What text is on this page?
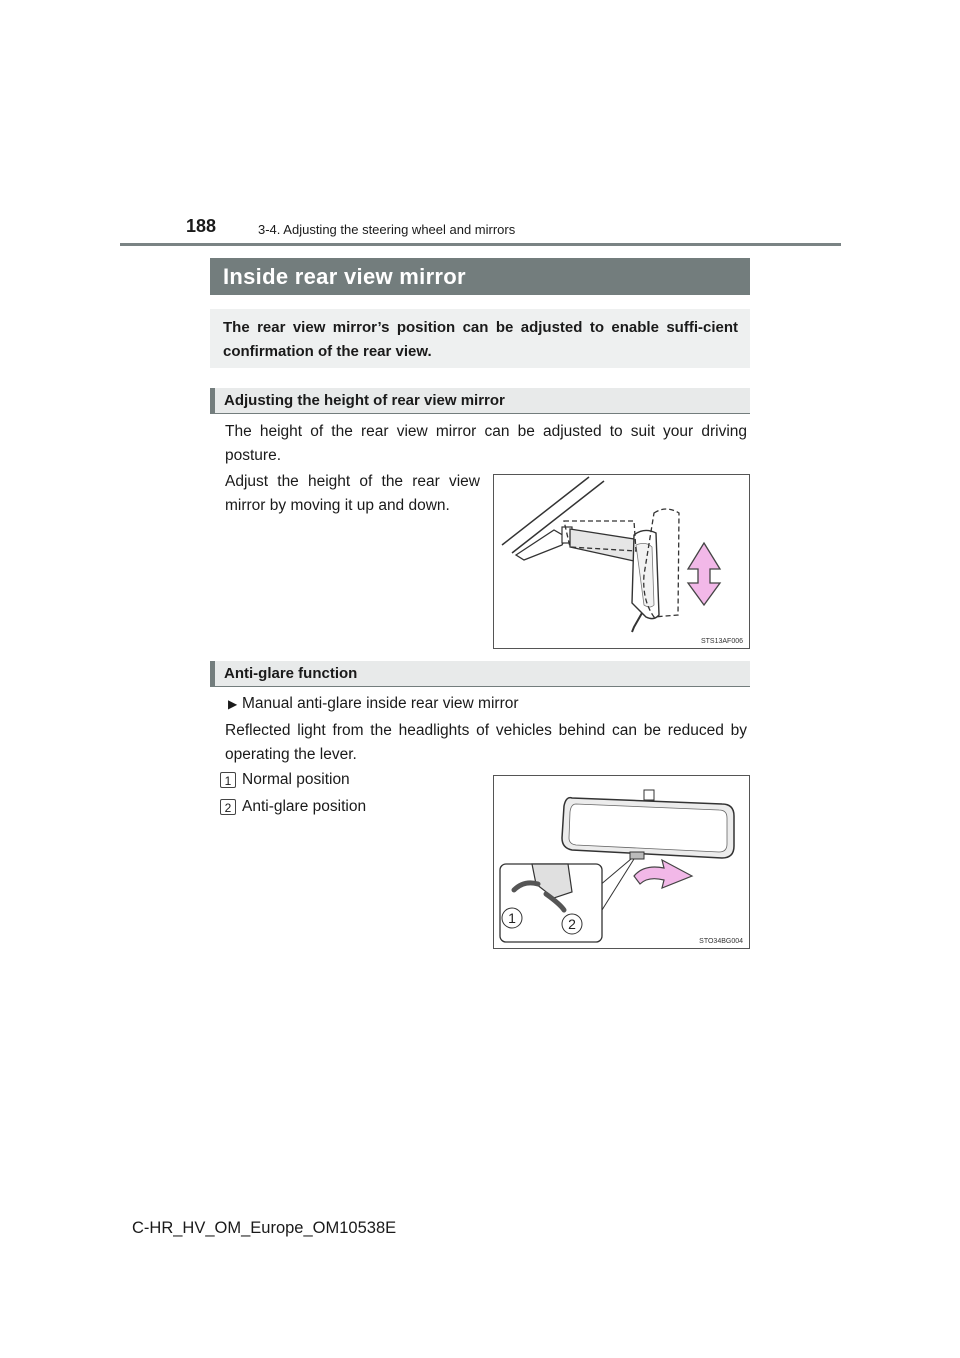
188	3-4. Adjusting the steering wheel and mirrors
Inside rear view mirror
The rear view mirror’s position can be adjusted to enable suffi-cient confirmation of the rear view.
Adjusting the height of rear view mirror
The height of the rear view mirror can be adjusted to suit your driving posture.
Adjust the height of the rear view mirror by moving it up and down.
STS13AF006
Anti-glare function
▶ Manual anti-glare inside rear view mirror
Reflected light from the headlights of vehicles behind can be reduced by operating the lever.
1 Normal position
2 Anti-glare position
1	2
STO34BG004
C-HR_HV_OM_Europe_OM10538E
